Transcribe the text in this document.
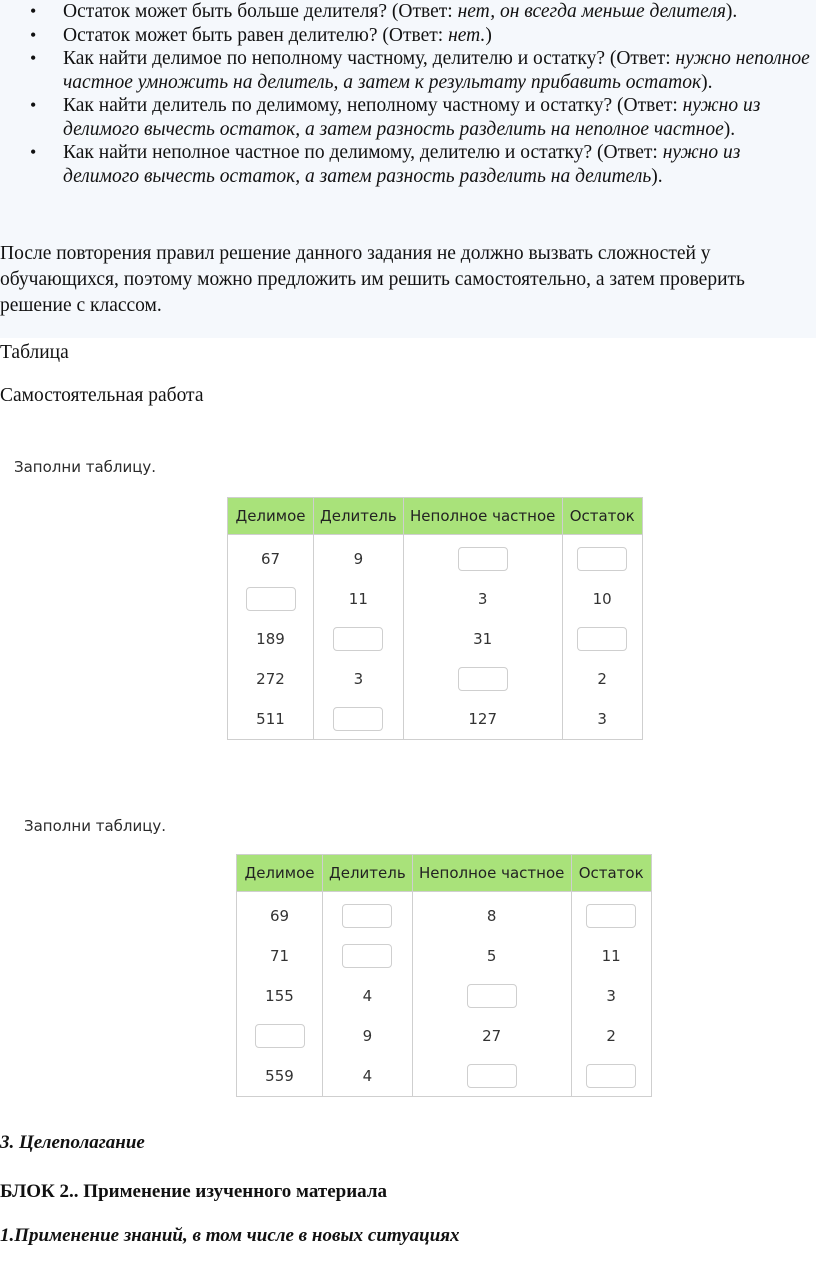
• Остаток может быть больше делителя? (Ответ: нет, он всегда меньше делителя).
• Остаток может быть равен делителю? (Ответ: нет.)
• Как найти делимое по неполному частному, делителю и остатку? (Ответ: нужно неполное частное умножить на делитель, а затем к результату прибавить остаток).
• Как найти делитель по делимому, неполному частному и остатку? (Ответ: нужно из делимого вычесть остаток, а затем разность разделить на неполное частное).
• Как найти неполное частное по делимому, делителю и остатку? (Ответ: нужно из делимого вычесть остаток, а затем разность разделить на делитель).

После повторения правил решение данного задания не должно вызвать сложностей у обучающихся, поэтому можно предложить им решить самостоятельно, а затем проверить решение с классом.

Таблица

Самостоятельная работа

Заполни таблицу.

Делимое	Делитель	Неполное частное	Остаток
67	9		
	11	3	10
189		31	
272	3		2
511		127	3

Заполни таблицу.

Делимое	Делитель	Неполное частное	Остаток
69		8	
71		5	11
155	4		3
	9	27	2
559	4		

3. Целеполагание

БЛОК 2.. Применение изученного материала

1.Применение знаний, в том числе в новых ситуациях
